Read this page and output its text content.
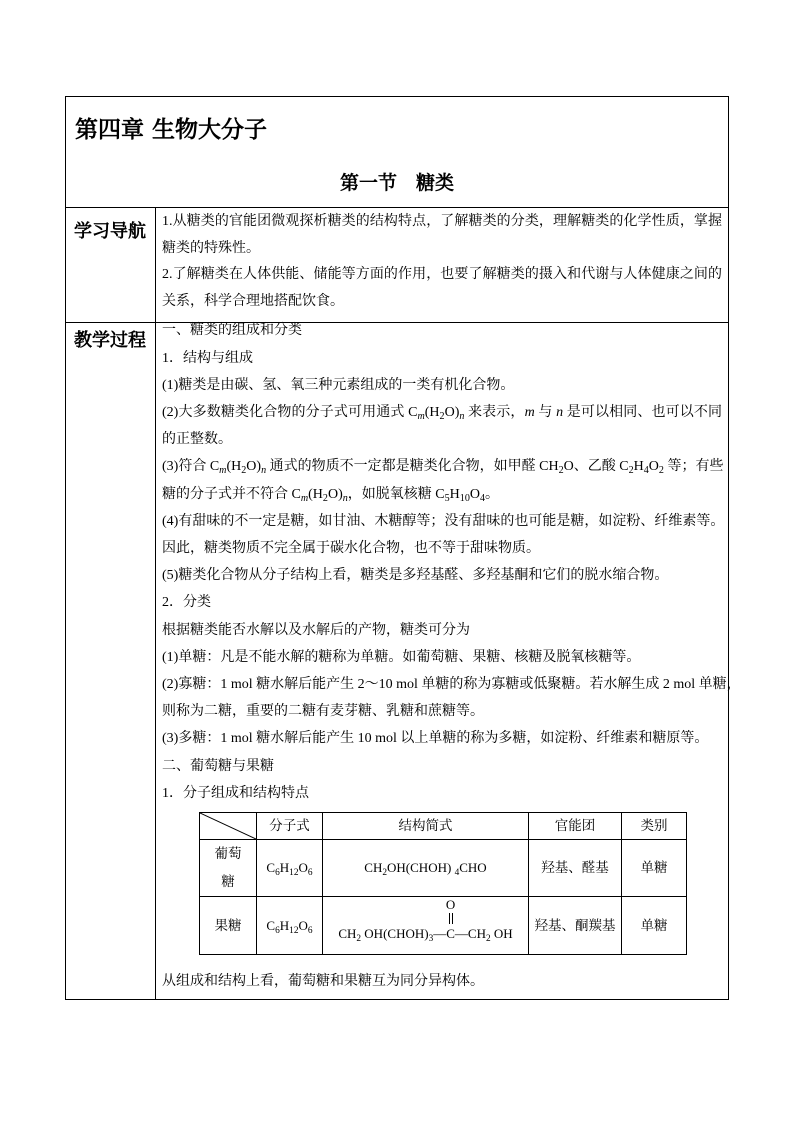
第四章 生物大分子
第一节　糖类
学习导航	1.从糖类的官能团微观探析糖类的结构特点，了解糖类的分类，理解糖类的化学性质，掌握
糖类的特殊性。
2.了解糖类在人体供能、储能等方面的作用，也要了解糖类的摄入和代谢与人体健康之间的
关系，科学合理地搭配饮食。
教学过程	一、糖类的组成和分类
1．结构与组成
(1)糖类是由碳、氢、氧三种元素组成的一类有机化合物。
(2)大多数糖类化合物的分子式可用通式 $C_m(H_2O)_n$ 来表示，m 与 n 是可以相同、也可以不同
的正整数。
(3)符合 $C_m(H_2O)_n$ 通式的物质不一定都是糖类化合物，如甲醛 $CH_2O$、乙酸 $C_2H_4O_2$ 等；有些
糖的分子式并不符合 $C_m(H_2O)_n$，如脱氧核糖 $C_5H_{10}O_4$。
(4)有甜味的不一定是糖，如甘油、木糖醇等；没有甜味的也可能是糖，如淀粉、纤维素等。
因此，糖类物质不完全属于碳水化合物，也不等于甜味物质。
(5)糖类化合物从分子结构上看，糖类是多羟基醛、多羟基酮和它们的脱水缩合物。
2．分类
根据糖类能否水解以及水解后的产物，糖类可分为
(1)单糖：凡是不能水解的糖称为单糖。如葡萄糖、果糖、核糖及脱氧核糖等。
(2)寡糖：1 mol 糖水解后能产生 2～10 mol 单糖的称为寡糖或低聚糖。若水解生成 2 mol 单糖，
则称为二糖，重要的二糖有麦芽糖、乳糖和蔗糖等。
(3)多糖：1 mol 糖水解后能产生 10 mol 以上单糖的称为多糖，如淀粉、纤维素和糖原等。
二、葡萄糖与果糖
1．分子组成和结构特点
	分子式	结构简式	官能团	类别

葡萄糖	$C_6H_{12}O_6$	$CH_2OH(CHOH)$ $_4$CHO	羟基、醛基	单糖

果糖	$C_6H_{12}O_6$	$CH_2$ $OH(CHOH)_3—C$
O
$—CH_2$ OH	羟基、酮羰基	单糖
从组成和结构上看，葡萄糖和果糖互为同分异构体。
